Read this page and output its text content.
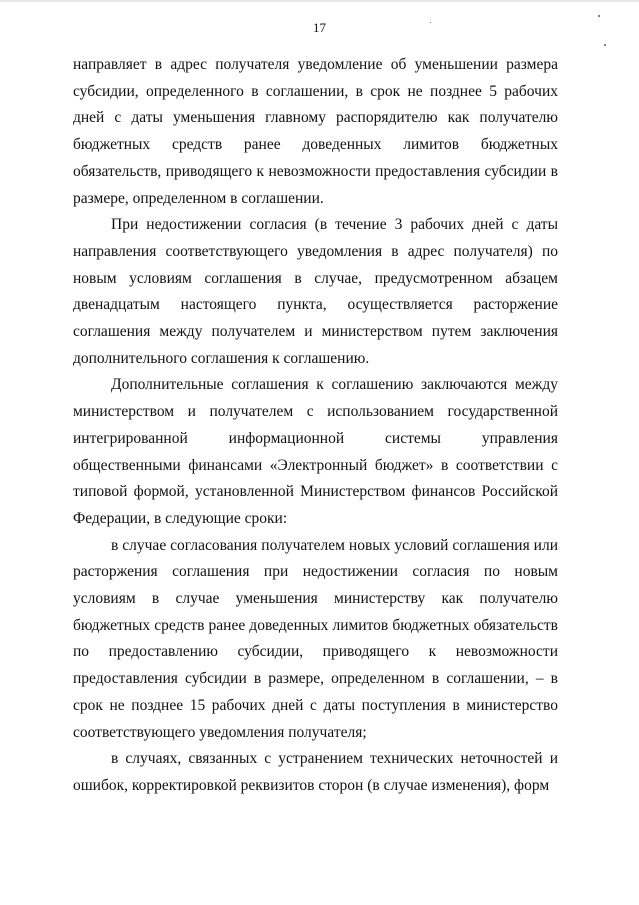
17

направляет в адрес получателя уведомление об уменьшении размера субсидии, определенного в соглашении, в срок не позднее 5 рабочих дней с даты уменьшения главному распорядителю как получателю бюджетных средств ранее доведенных лимитов бюджетных обязательств, приводящего к невозможности предоставления субсидии в размере, определенном в соглашении.

При недостижении согласия (в течение 3 рабочих дней с даты направления соответствующего уведомления в адрес получателя) по новым условиям соглашения в случае, предусмотренном абзацем двенадцатым настоящего пункта, осуществляется расторжение соглашения между получателем и министерством путем заключения дополнительного соглашения к соглашению.

Дополнительные соглашения к соглашению заключаются между министерством и получателем с использованием государственной интегрированной информационной системы управления общественными финансами «Электронный бюджет» в соответствии с типовой формой, установленной Министерством финансов Российской Федерации, в следующие сроки:

в случае согласования получателем новых условий соглашения или расторжения соглашения при недостижении согласия по новым условиям в случае уменьшения министерству как получателю бюджетных средств ранее доведенных лимитов бюджетных обязательств по предоставлению субсидии, приводящего к невозможности предоставления субсидии в размере, определенном в соглашении, – в срок не позднее 15 рабочих дней с даты поступления в министерство соответствующего уведомления получателя;

в случаях, связанных с устранением технических неточностей и ошибок, корректировкой реквизитов сторон (в случае изменения), форм
